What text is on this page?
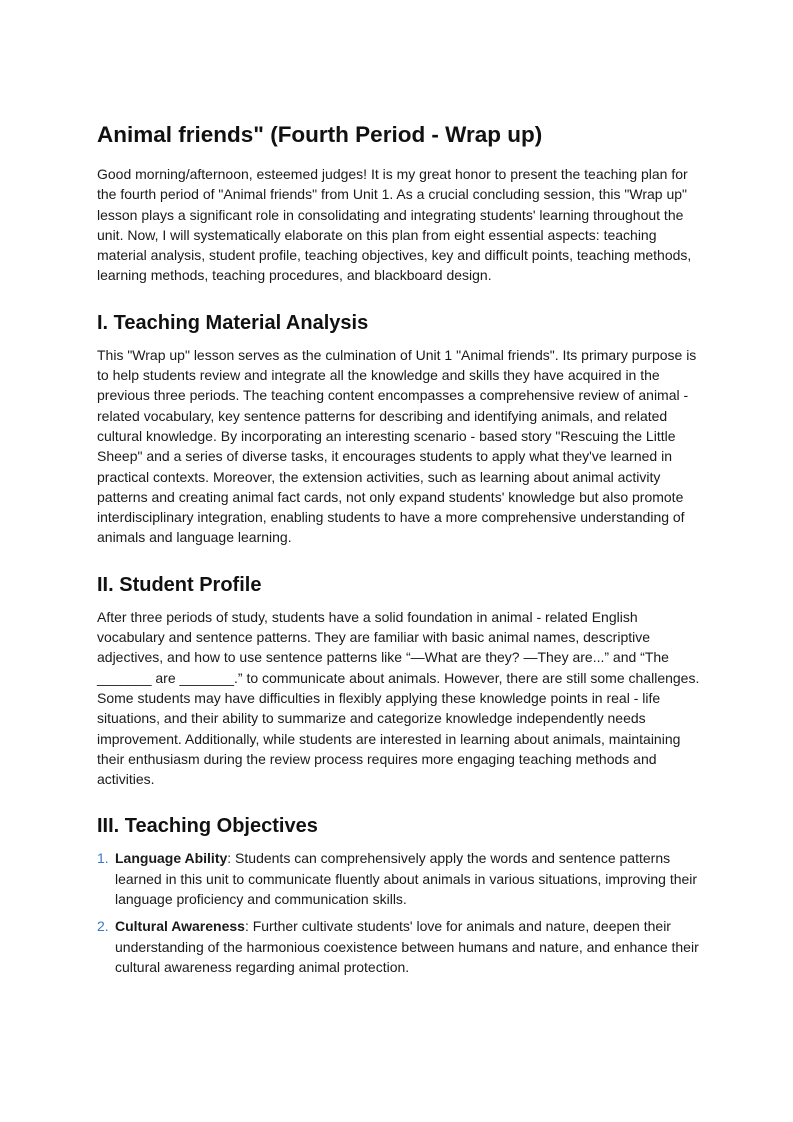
Animal friends" (Fourth Period - Wrap up)

Good morning/afternoon, esteemed judges! It is my great honor to present the teaching plan for the fourth period of "Animal friends" from Unit 1. As a crucial concluding session, this "Wrap up" lesson plays a significant role in consolidating and integrating students' learning throughout the unit. Now, I will systematically elaborate on this plan from eight essential aspects: teaching material analysis, student profile, teaching objectives, key and difficult points, teaching methods, learning methods, teaching procedures, and blackboard design.

I. Teaching Material Analysis

This "Wrap up" lesson serves as the culmination of Unit 1 "Animal friends". Its primary purpose is to help students review and integrate all the knowledge and skills they have acquired in the previous three periods. The teaching content encompasses a comprehensive review of animal - related vocabulary, key sentence patterns for describing and identifying animals, and related cultural knowledge. By incorporating an interesting scenario - based story "Rescuing the Little Sheep" and a series of diverse tasks, it encourages students to apply what they've learned in practical contexts. Moreover, the extension activities, such as learning about animal activity patterns and creating animal fact cards, not only expand students' knowledge but also promote interdisciplinary integration, enabling students to have a more comprehensive understanding of animals and language learning.

II. Student Profile

After three periods of study, students have a solid foundation in animal - related English vocabulary and sentence patterns. They are familiar with basic animal names, descriptive adjectives, and how to use sentence patterns like “—What are they? —They are...” and “The _______ are _______.” to communicate about animals. However, there are still some challenges. Some students may have difficulties in flexibly applying these knowledge points in real - life situations, and their ability to summarize and categorize knowledge independently needs improvement. Additionally, while students are interested in learning about animals, maintaining their enthusiasm during the review process requires more engaging teaching methods and activities.

III. Teaching Objectives
1. Language Ability: Students can comprehensively apply the words and sentence patterns learned in this unit to communicate fluently about animals in various situations, improving their language proficiency and communication skills.
2. Cultural Awareness: Further cultivate students' love for animals and nature, deepen their understanding of the harmonious coexistence between humans and nature, and enhance their cultural awareness regarding animal protection.
